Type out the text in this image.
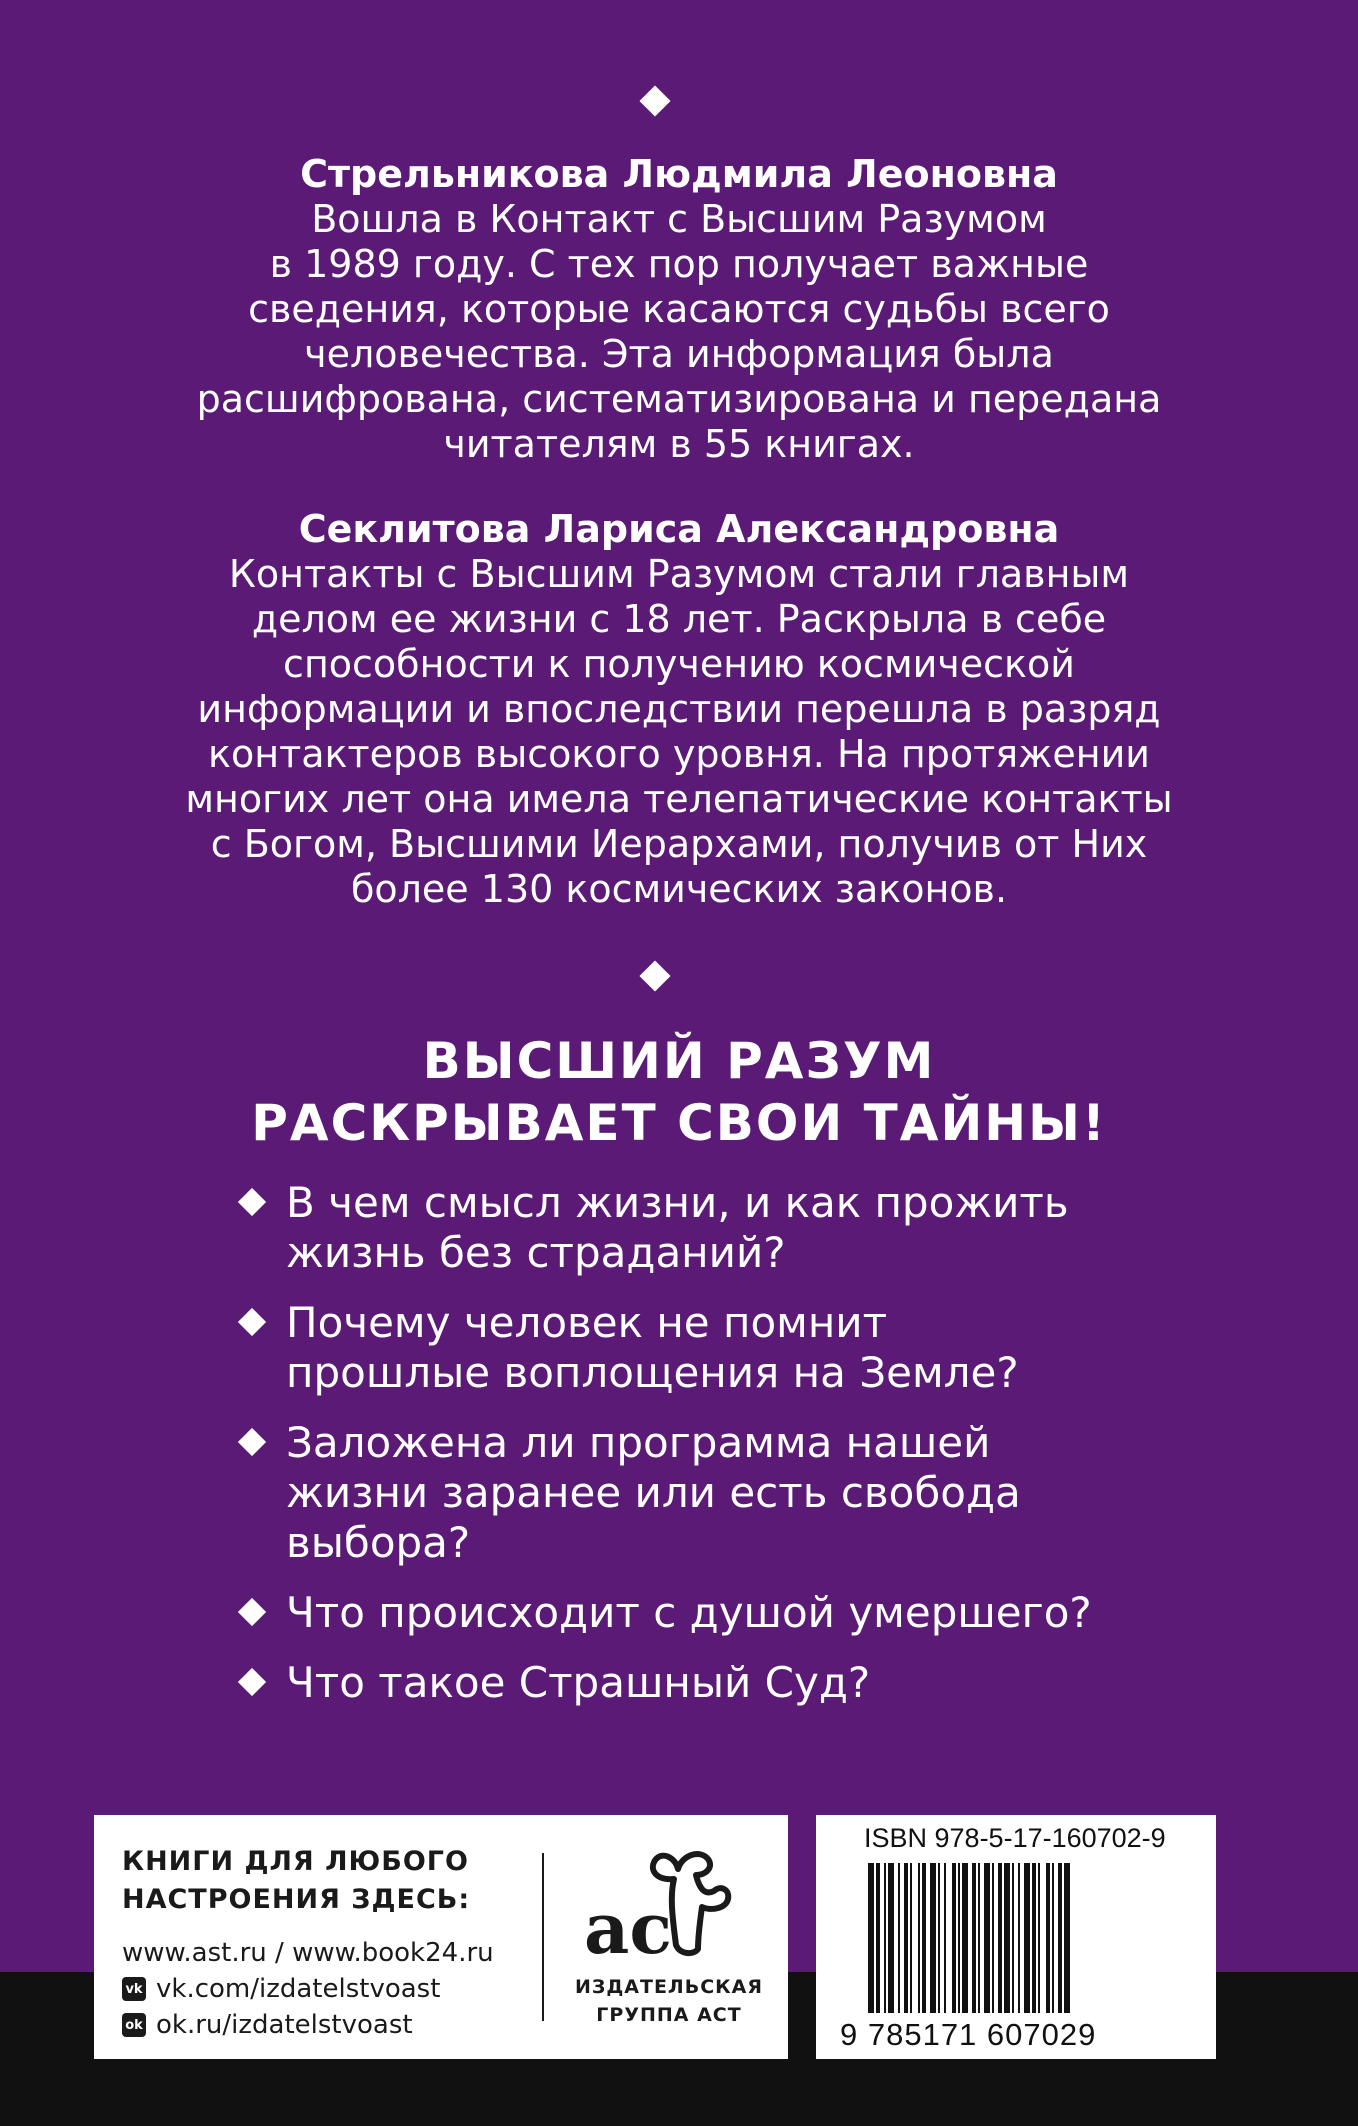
Стрельникова Людмила Леоновна
Вошла в Контакт с Высшим Разумом
в 1989 году. С тех пор получает важные
сведения, которые касаются судьбы всего
человечества. Эта информация была
расшифрована, систематизирована и передана
читателям в 55 книгах.
Секлитова Лариса Александровна
Контакты с Высшим Разумом стали главным
делом ее жизни с 18 лет. Раскрыла в себе
способности к получению космической
информации и впоследствии перешла в разряд
контактеров высокого уровня. На протяжении
многих лет она имела телепатические контакты
с Богом, Высшими Иерархами, получив от Них
более 130 космических законов.
ВЫСШИЙ РАЗУМ
РАСКРЫВАЕТ СВОИ ТАЙНЫ!
В чем смысл жизни, и как прожить
жизнь без страданий?
Почему человек не помнит
прошлые воплощения на Земле?
Заложена ли программа нашей
жизни заранее или есть свобода
выбора?
Что происходит с душой умершего?
Что такое Страшный Суд?
КНИГИ ДЛЯ ЛЮБОГО
НАСТРОЕНИЯ ЗДЕСЬ:
www.ast.ru / www.book24.ru
vk vk.com/izdatelstvoast
ok ok.ru/izdatelstvoast
ас
ИЗДАТЕЛЬСКАЯ
ГРУППА АСТ
ISBN 978-5-17-160702-9
9 785171 607029
